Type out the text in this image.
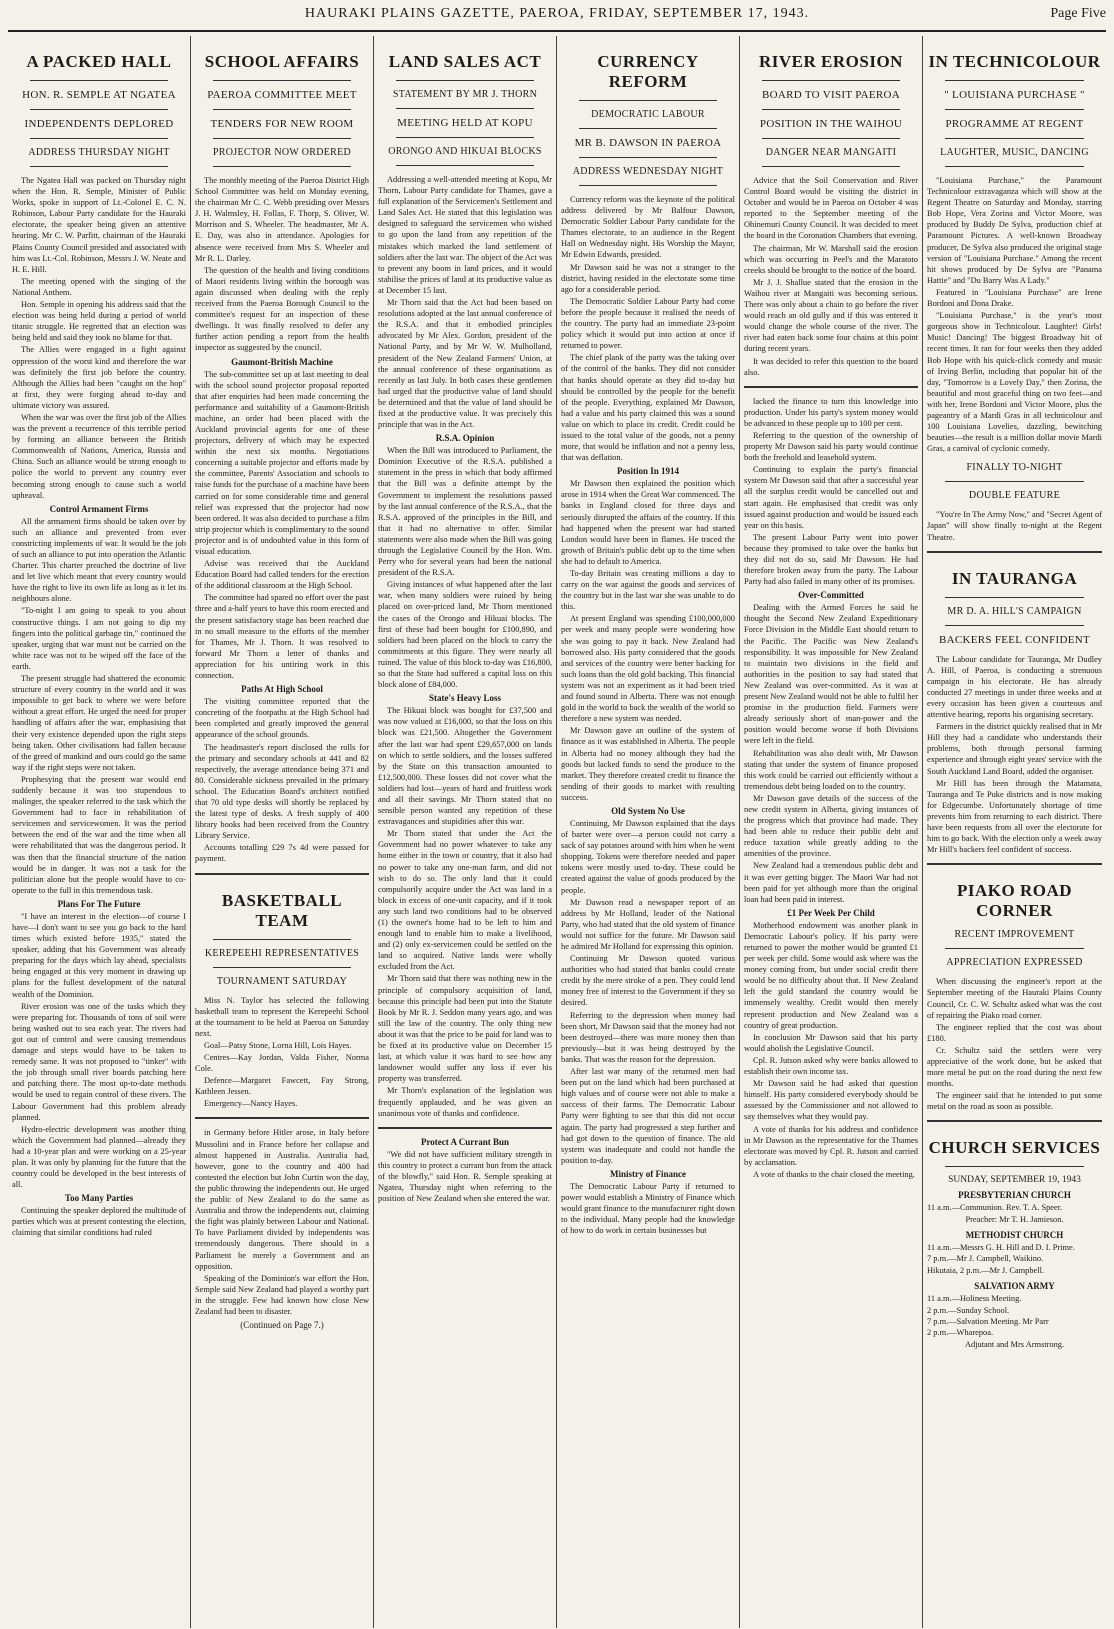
HAURAKI PLAINS GAZETTE, PAEROA, FRIDAY, SEPTEMBER 17, 1943.	Page Five
A PACKED HALL
HON. R. SEMPLE AT NGATEA
INDEPENDENTS DEPLORED
ADDRESS THURSDAY NIGHT

The Ngatea Hall was packed on Thursday night when the Hon. R. Semple, Minister of Public Works, spoke in support of Lt.-Colonel E. C. N. Robinson, Labour Party candidate for the Hauraki electorate, the speaker being given an attentive hearing. Mr C. W. Parfitt, chairman of the Hauraki Plains County Council presided and associated with him was Lt.-Col. Robinson, Messrs J. W. Neate and H. E. Hill.

The meeting opened with the singing of the National Anthem.

Hon. Semple in opening his address said that the election was being held during a period of world titanic struggle. He regretted that an election was being held and said they took no blame for that.

The Allies were engaged in a fight against oppression of the worst kind and therefore the war was definitely the first job before the country. Although the Allies had been "caught on the hop" at first, they were forging ahead to-day and ultimate victory was assured.

When the war was over the first job of the Allies was the prevent a recurrence of this terrible period by forming an alliance between the British Commonwealth of Nations, America, Russia and China. Such an alliance would be strong enough to police the world to prevent any country ever becoming strong enough to cause such a world upheaval.

Control Armament Firms

All the armament firms should be taken over by such an alliance and prevented from ever constricting implements of war. It would be the job of such an alliance to put into operation the Atlantic Charter. This charter preached the doctrine of live and let live which meant that every country would have the right to live its own life as long as it let its neighbours alone.

"To-night I am going to speak to you about constructive things. I am not going to dip my fingers into the political garbage tin," continued the speaker, urging that war must not be carried on the white race was not to be wiped off the face of the earth.

The present struggle had shattered the economic structure of every country in the world and it was impossible to get back to where we were before without a great effort. He urged the need for proper handling of affairs after the war, emphasising that their very existence depended upon the right steps being taken. Other civilisations had fallen because of the greed of mankind and ours could go the same way if the right steps were not taken.

Prophesying that the present war would end suddenly because it was too stupendous to malinger, the speaker referred to the task which the Government had to face in rehabilitation of servicemen and servicewomen. It was the period between the end of the war and the time when all were rehabilitated that was the dangerous period. It was then that the financial structure of the nation would be in danger. It was not a task for the politician alone but the people would have to co-operate to the full in this tremendous task.

Plans For The Future

"I have an interest in the election—of course I have—I don't want to see you go back to the hard times which existed before 1935," stated the speaker, adding that his Government was already preparing for the days which lay ahead, specialists being engaged at this very moment in drawing up plans for the fullest development of the natural wealth of the Dominion.

River erosion was one of the tasks which they were preparing for. Thousands of tons of soil were being washed out to sea each year. The rivers had got out of control and were causing tremendous damage and steps would have to be taken to remedy same. It was not proposed to "tinker" with the job through small river boards patching here and patching there. The most up-to-date methods would be used to regain control of these rivers. The Labour Government had this problem already planned.

Hydro-electric development was another thing which the Government had planned—already they had a 10-year plan and were working on a 25-year plan. It was only by planning for the future that the country could be developed in the best interests of all.

Too Many Parties

Continuing the speaker deplored the multitude of parties which was at present contesting the election, claiming that similar conditions had ruled

SCHOOL AFFAIRS
PAEROA COMMITTEE MEET
TENDERS FOR NEW ROOM
PROJECTOR NOW ORDERED

The monthly meeting of the Paeroa District High School Committee was held on Monday evening, the chairman Mr C. C. Webb presiding over Messrs J. H. Walmsley, H. Follas, F. Thorp, S. Oliver, W. Morrison and S. Wheeler. The headmaster, Mr A. E. Day, was also in attendance. Apologies for absence were received from Mrs S. Wheeler and Mr R. L. Darley.

The question of the health and living conditions of Maori residents living within the borough was again discussed when dealing with the reply received from the Paeroa Borough Council to the committee's request for an inspection of these dwellings. It was finally resolved to defer any further action pending a report from the health inspector as suggested by the council.

Gaumont-British Machine

The sub-committee set up at last meeting to deal with the school sound projector proposal reported that after enquiries had been made concerning the performance and suitability of a Gaumont-British machine, an order had been placed with the Auckland provincial agents for one of these projectors, delivery of which may be expected within the next six months. Negotiations concerning a suitable projector and efforts made by the committee, Parents' Association and schools to raise funds for the purchase of a machine have been carried on for some considerable time and general relief was expressed that the projector had now been ordered. It was also decided to purchase a film strip projector which is complimentary to the sound projector and is of undoubted value in this form of visual education.

Advise was received that the Auckland Education Board had called tenders for the erection of the additional classroom at the High School.

The committee had spared no effort over the past three and a-half years to have this room erected and the present satisfactory stage has been reached due in no small measure to the efforts of the member for Thames, Mr J. Thorn. It was resolved to forward Mr Thorn a letter of thanks and appreciation for his untiring work in this connection.

Paths At High School

The visiting committee reported that the concreting of the footpaths at the High School had been completed and greatly improved the general appearance of the school grounds.

The headmaster's report disclosed the rolls for the primary and secondary schools at 441 and 82 respectively, the average attendance being 371 and 80. Considerable sickness prevailed in the primary school. The Education Board's architect notified that 70 old type desks will shortly be replaced by the latest type of desks. A fresh supply of 400 library books had been received from the Country Library Service.

Accounts totalling £29 7s 4d were passed for payment.

BASKETBALL TEAM
KEREPEEHI REPRESENTATIVES
TOURNAMENT SATURDAY

Miss N. Taylor has selected the following basketball team to represent the Kerepeehi School at the tournament to be held at Paeroa on Saturday next.

Goal—Patsy Stone, Lorna Hill, Lois Hayes.

Centres—Kay Jordan, Valda Fisher, Norma Cole.

Defence—Margaret Fawcett, Fay Strong, Kathleen Jessen.

Emergency—Nancy Hayes.

in Germany before Hitler arose, in Italy before Mussolini and in France before her collapse and almost happened in Australia. Australia had, however, gone to the country and 400 had contested the election but John Curtin won the day, the public throwing the independents out. He urged the public of New Zealand to do the same as Australia and throw the independents out, claiming the fight was plainly between Labour and National. To have Parliament divided by independents was tremendously dangerous. There should in a Parliament be merely a Government and an opposition.

Speaking of the Dominion's war effort the Hon. Semple said New Zealand had played a worthy part in the struggle. Few had known how close New Zealand had been to disaster.

(Continued on Page 7.)
LAND SALES ACT
STATEMENT BY MR J. THORN
MEETING HELD AT KOPU
ORONGO AND HIKUAI BLOCKS

Addressing a well-attended meeting at Kopu, Mr Thorn, Labour Party candidate for Thames, gave a full explanation of the Servicemen's Settlement and Land Sales Act. He stated that this legislation was designed to safeguard the servicemen who wished to go upon the land from any repetition of the mistakes which marked the land settlement of soldiers after the last war. The object of the Act was to prevent any boom in land prices, and it would stabilise the prices of land at its productive value as at December 15 last.

Mr Thorn said that the Act had been based on resolutions adopted at the last annual conference of the R.S.A. and that it embodied principles advocated by Mr Alex. Gordon, president of the National Party, and by Mr W. W. Mulholland, president of the New Zealand Farmers' Union, at the annual conference of these organisations as recently as last July. In both cases these gentlemen had urged that the productive value of land should be determined and that the value of land should be fixed at the productive value. It was precisely this principle that was in the Act.

R.S.A. Opinion

When the Bill was introduced to Parliament, the Dominion Executive of the R.S.A. published a statement in the press in which that body affirmed that the Bill was a definite attempt by the Government to implement the resolutions passed by the last annual conference of the R.S.A., that the R.S.A. approved of the principles in the Bill, and that it had no alternative to offer. Similar statements were also made when the Bill was going through the Legislative Council by the Hon. Wm. Perry who for several years had been the national president of the R.S.A.

Giving instances of what happened after the last war, when many soldiers were ruined by being placed on over-priced land, Mr Thorn mentioned the cases of the Orongo and Hikuai blocks. The first of these had been bought for £100,890, and soldiers had been placed on the block to carry the commitments at this figure. They were nearly all ruined. The value of this block to-day was £16,800, so that the State had suffered a capital loss on this block alone of £84,000.

State's Heavy Loss

The Hikuai block was bought for £37,500 and was now valued at £16,000, so that the loss on this block was £21,500. Altogether the Government after the last war had spent £29,657,000 on lands on which to settle soldiers, and the losses suffered by the State on this transaction amounted to £12,500,000. These losses did not cover what the soldiers had lost—years of hard and fruitless work and all their savings. Mr Thorn stated that no sensible person wanted any repetition of these extravagances and stupidities after this war.

Mr Thorn stated that under the Act the Government had no power whatever to take any home either in the town or country, that it also had no power to take any one-man farm, and did not wish to do so. The only land that it could compulsorily acquire under the Act was land in a block in excess of one-unit capacity, and if it took any such land two conditions had to be observed (1) the owner's home had to be left to him and enough land to enable him to make a livelihood, and (2) only ex-servicemen could be settled on the land so acquired. Native lands were wholly excluded from the Act.

Mr Thorn said that there was nothing new in the principle of compulsory acquisition of land, because this principle had been put into the Statute Book by Mr R. J. Seddon many years ago, and was still the law of the country. The only thing new about it was that the price to be paid for land was to be fixed at its productive value on December 15 last, at which value it was hard to see how any landowner would suffer any loss if ever his property was transferred.

Mr Thorn's explanation of the legislation was frequently applauded, and he was given an unanimous vote of thanks and confidence.

Protect A Currant Bun

"We did not have sufficient military strength in this country to protect a currant bun from the attack of the blowfly," said Hon. R. Semple speaking at Ngatea, Thursday night when referring to the position of New Zealand when she entered the war.

CURRENCY REFORM
DEMOCRATIC LABOUR
MR B. DAWSON IN PAEROA
ADDRESS WEDNESDAY NIGHT

Currency reform was the keynote of the political address delivered by Mr Balfour Dawson, Democratic Soldier Labour Party candidate for the Thames electorate, to an audience in the Regent Hall on Wednesday night. His Worship the Mayor, Mr Edwin Edwards, presided.

Mr Dawson said he was not a stranger to the district, having resided in the electorate some time ago for a considerable period.

The Democratic Soldier Labour Party had come before the people because it realised the needs of the country. The party had an immediate 23-point policy which it would put into action at once if returned to power.

The chief plank of the party was the taking over of the control of the banks. They did not consider that banks should operate as they did to-day but should be controlled by the people for the benefit of the people. Everything, explained Mr Dawson, had a value and his party claimed this was a sound value on which to place its credit. Credit could be issued to the total value of the goods, not a penny more, that would be inflation and not a penny less, that was deflation.

Position In 1914

Mr Dawson then explained the position which arose in 1914 when the Great War commenced. The banks in England closed for three days and seriously disrupted the affairs of the country. If this had happened when the present war had started London would have been in flames. He traced the growth of Britain's public debt up to the time when she had to default to America.

To-day Britain was creating millions a day to carry on the war against the goods and services of the country but in the last war she was unable to do this.

At present England was spending £100,000,000 per week and many people were wondering how she was going to pay it back. New Zealand had borrowed also. His party considered that the goods and services of the country were better backing for such loans than the old gold backing. This financial system was not an experiment as it had been tried and found sound in Alberta. There was not enough gold in the world to back the wealth of the world so therefore a new system was needed.

Mr Dawson gave an outline of the system of finance as it was established in Alberta. The people in Alberta had no money although they had the goods but lacked funds to send the produce to the market. They therefore created credit to finance the sending of their goods to market with resulting success.

Old System No Use

Continuing, Mr Dawson explained that the days of barter were over—a person could not carry a sack of say potatoes around with him when he went shopping. Tokens were therefore needed and paper tokens were mostly used to-day. These could be created against the value of goods produced by the people.

Mr Dawson read a newspaper report of an address by Mr Holland, leader of the National Party, who had stated that the old system of finance would not suffice for the future. Mr Dawson said he admired Mr Holland for expressing this opinion.

Continuing Mr Dawson quoted various authorities who had stated that banks could create credit by the mere stroke of a pen. They could lend money free of interest to the Government if they so desired.

Referring to the depression when money had been short, Mr Dawson said that the money had not been destroyed—there was more money then than previously—but it was being destroyed by the banks. That was the reason for the depression.

After last war many of the returned men had been put on the land which had been purchased at high values and of course were not able to make a success of their farms. The Democratic Labour Party were fighting to see that this did not occur again. The party had progressed a step further and had got down to the question of finance. The old system was inadequate and could not handle the position to-day.

Ministry of Finance

The Democratic Labour Party if returned to power would establish a Ministry of Finance which would grant finance to the manufacturer right down to the individual. Many people had the knowledge of how to do work in certain businesses but

RIVER EROSION
BOARD TO VISIT PAEROA
POSITION IN THE WAIHOU
DANGER NEAR MANGAITI

Advice that the Soil Conservation and River Control Board would be visiting the district in October and would be in Paeroa on October 4 was reported to the September meeting of the Ohinemuri County Council. It was decided to meet the board in the Coronation Chambers that evening.

The chairman, Mr W. Marshall said the erosion which was occurring in Peel's and the Maratoto creeks should be brought to the notice of the board.

Mr J. J. Shallue stated that the erosion in the Waihou river at Mangaiti was becoming serious. There was only about a chain to go before the river would reach an old gully and if this was entered it would change the whole course of the river. The river had eaten back some four chains at this point during recent years.

It was decided to refer this question to the board also.

lacked the finance to turn this knowledge into production. Under his party's system money would be advanced to these people up to 100 per cent.

Referring to the question of the ownership of property Mr Dawson said his party would continue both the freehold and leasehold system.

Continuing to explain the party's financial system Mr Dawson said that after a successful year all the surplus credit would be cancelled out and start again. He emphasised that credit was only issued against production and would be issued each year on this basis.

The present Labour Party went into power because they promised to take over the banks but they did not do so, said Mr Dawson. He had therefore broken away from the party. The Labour Party had also failed in many other of its promises.

Over-Committed

Dealing with the Armed Forces he said he thought the Second New Zealand Expeditionary Force Division in the Middle East should return to the Pacific. The Pacific was New Zealand's responsibility. It was impossible for New Zealand to maintain two divisions in the field and authorities in the position to say had stated that New Zealand was over-committed. As it was at present New Zealand would not be able to fulfil her promise in the production field. Farmers were already seriously short of man-power and the position would become worse if both Divisions were left in the field.

Rehabilitation was also dealt with, Mr Dawson stating that under the system of finance proposed this work could be carried out efficiently without a tremendous debt being loaded on to the country.

Mr Dawson gave details of the success of the new credit system in Alberta, giving instances of the progress which that province had made. They had been able to reduce their public debt and reduce taxation while greatly adding to the amenities of the province.

New Zealand had a tremendous public debt and it was ever getting bigger. The Maori War had not been paid for yet although more than the original loan had been paid in interest.

£1 Per Week Per Child

Motherhood endowment was another plank in Democratic Labour's policy. If his party were returned to power the mother would be granted £1 per week per child. Some would ask where was the money coming from, but under social credit there would be no difficulty about that. If New Zealand left the gold standard the country would be immensely wealthy. Credit would then merely represent production and New Zealand was a country of great production.

In conclusion Mr Dawson said that his party would abolish the Legislative Council.

Cpl. R. Jutson asked why were banks allowed to establish their own income tax.

Mr Dawson said he had asked that question himself. His party considered everybody should be assessed by the Commissioner and not allowed to say themselves what they would pay.

A vote of thanks for his address and confidence in Mr Dawson as the representative for the Thames electorate was moved by Cpl. R. Jutson and carried by acclamation.

A vote of thanks to the chair closed the meeting.

IN TECHNICOLOUR
" LOUISIANA PURCHASE "
PROGRAMME AT REGENT
LAUGHTER, MUSIC, DANCING

"Louisiana Purchase," the Paramount Technicolour extravaganza which will show at the Regent Theatre on Saturday and Monday, starring Bob Hope, Vera Zorina and Victor Moore, was produced by Buddy De Sylva, production chief at Paramount Pictures. A well-known Broadway producer, De Sylva also produced the original stage version of "Louisiana Purchase." Among the recent hit shows produced by De Sylva are "Panama Hattie" and "Du Barry Was A Lady."

Featured in "Louisiana Purchase" are Irene Bordoni and Dona Drake.

"Louisiana Purchase," is the year's most gorgeous show in Technicolour. Laughter! Girls! Music! Dancing! The biggest Broadway hit of recent times. It ran for four weeks then they added Bob Hope with his quick-click comedy and music of Irving Berlin, including that popular hit of the day, "Tomorrow is a Lovely Day," then Zorina, the beautiful and most graceful thing on two feet—and with her, Irene Bordoni and Victor Moore, plus the pageantry of a Mardi Gras in all technicolour and 100 Louisiana Lovelies, dazzling, bewitching beauties—the result is a million dollar movie Mardi Gras, a carnival of cyclonic comedy.

FINALLY TO-NIGHT
DOUBLE FEATURE

"You're In The Army Now," and "Secret Agent of Japan" will show finally to-night at the Regent Theatre.

IN TAURANGA
MR D. A. HILL'S CAMPAIGN
BACKERS FEEL CONFIDENT

The Labour candidate for Tauranga, Mr Dudley A. Hill, of Paeroa, is conducting a strenuous campaign in his electorate. He has already conducted 27 meetings in under three weeks and at every occasion has been given a courteous and attentive hearing, reports his organising secretary.

Farmers in the district quickly realised that in Mr Hill they had a candidate who understands their problems, both through personal farming experience and through eight years' service with the South Auckland Land Board, added the organiser.

Mr Hill has been through the Matamata, Tauranga and Te Puke districts and is now making for Edgecumbe. Unfortunately shortage of time prevents him from returning to each district. There have been requests from all over the electorate for him to go back. With the election only a week away Mr Hill's backers feel confident of success.

PIAKO ROAD CORNER
RECENT IMPROVEMENT
APPRECIATION EXPRESSED

When discussing the engineer's report at the September meeting of the Hauraki Plains County Council, Cr. C. W. Schultz asked what was the cost of repairing the Piako road corner.

The engineer replied that the cost was about £180.

Cr. Schultz said the settlers were very appreciative of the work done, but he asked that more metal be put on the road during the next few months.

The engineer said that he intended to put some metal on the road as soon as possible.

CHURCH SERVICES
SUNDAY, SEPTEMBER 19, 1943
PRESBYTERIAN CHURCH

11 a.m.—Communion. Rev. T. A. Speer.

Preacher: Mr T. H. Jamieson.

METHODIST CHURCH

11 a.m.—Messrs G. H. Hill and D. I. Prime.

7 p.m.—Mr J. Campbell, Waikino.

Hikutaia, 2 p.m.—Mr J. Campbell.

SALVATION ARMY

11 a.m.—Holiness Meeting.

2 p.m.—Sunday School.

7 p.m.—Salvation Meeting. Mr Parr

2 p.m.—Wharepoa.

Adjutant and Mrs Armstrong.
